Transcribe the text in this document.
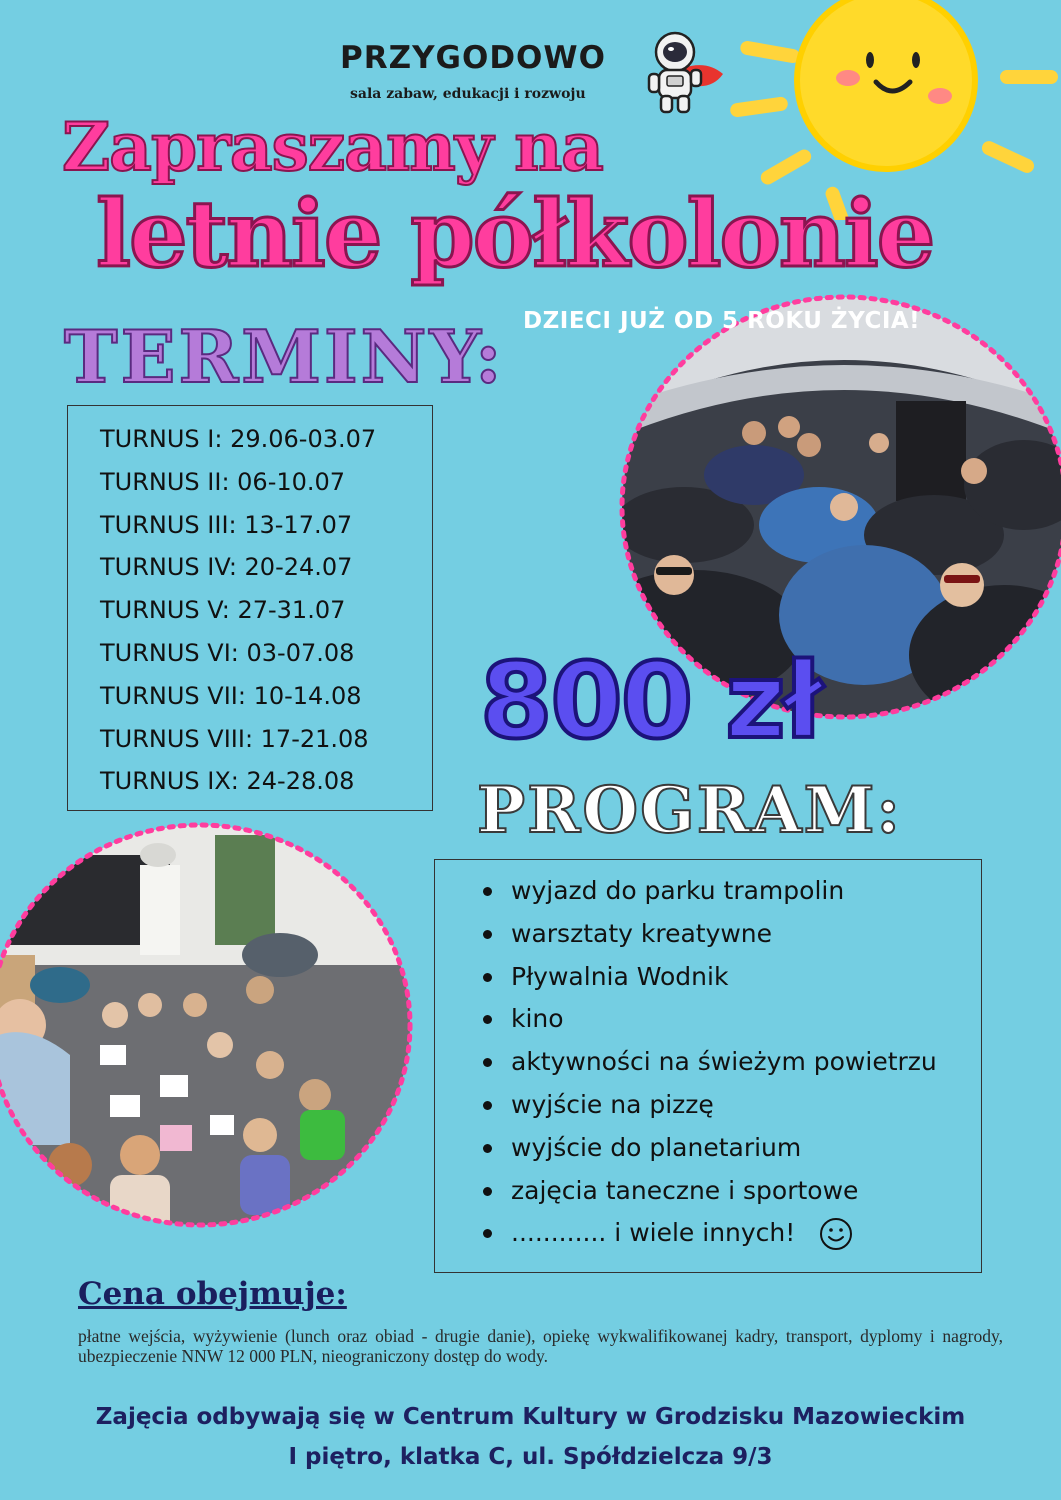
PRZYGODOWO
sala zabaw, edukacji i rozwoju
Zapraszamy na
letnie półkolonie
DZIECI JUŻ OD 5 ROKU ŻYCIA!
TERMINY:
TURNUS I: 29.06-03.07
TURNUS II: 06-10.07
TURNUS III: 13-17.07
TURNUS IV: 20-24.07
TURNUS V: 27-31.07
TURNUS VI: 03-07.08
TURNUS VII: 10-14.08
TURNUS VIII: 17-21.08
TURNUS IX: 24-28.08
800 zł
PROGRAM:
wyjazd do parku trampolin
warsztaty kreatywne
Pływalnia Wodnik
kino
aktywności na świeżym powietrzu
wyjście na pizzę
wyjście do planetarium
zajęcia taneczne i sportowe
............ i wiele innych!
Cena obejmuje:
płatne wejścia, wyżywienie (lunch oraz obiad - drugie danie), opiekę wykwalifikowanej kadry, transport, dyplomy i nagrody, ubezpieczenie NNW 12 000 PLN, nieograniczony dostęp do wody.
Zajęcia odbywają się w Centrum Kultury w Grodzisku Mazowieckim
I piętro, klatka C, ul. Spółdzielcza 9/3
